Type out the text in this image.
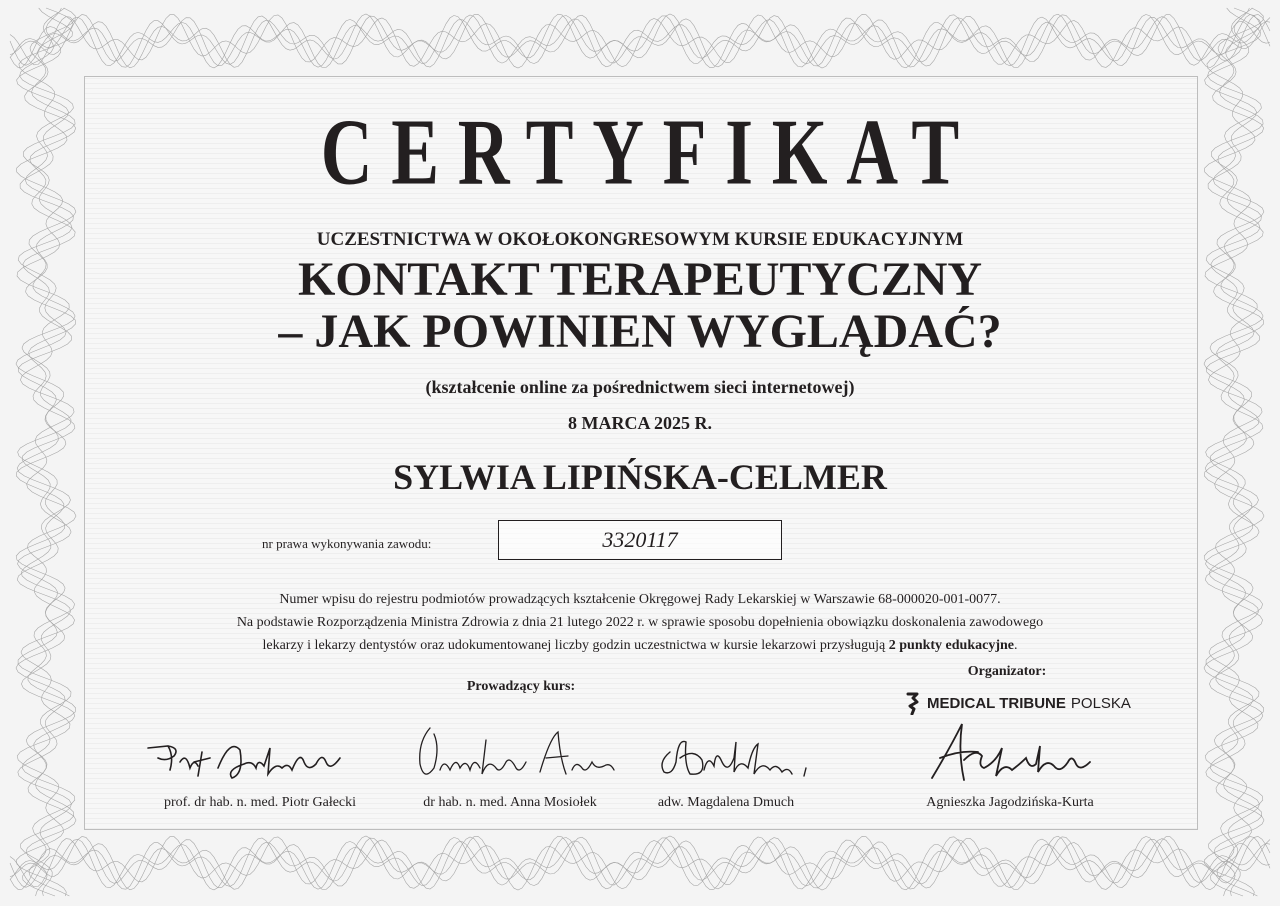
CERTYFIKAT
UCZESTNICTWA W OKOŁOKONGRESOWYM KURSIE EDUKACYJNYM
KONTAKT TERAPEUTYCZNY
– JAK POWINIEN WYGLĄDAĆ?
(kształcenie online za pośrednictwem sieci internetowej)
8 MARCA 2025 R.
SYLWIA LIPIŃSKA-CELMER
nr prawa wykonywania zawodu:	3320117
Numer wpisu do rejestru podmiotów prowadzących kształcenie Okręgowej Rady Lekarskiej w Warszawie 68-000020-001-0077.
Na podstawie Rozporządzenia Ministra Zdrowia z dnia 21 lutego 2022 r. w sprawie sposobu dopełnienia obowiązku doskonalenia zawodowego
lekarzy i lekarzy dentystów oraz udokumentowanej liczby godzin uczestnictwa w kursie lekarzowi przysługują 2 punkty edukacyjne.
Organizator:
MEDICAL TRIBUNE POLSKA
Prowadzący kurs:
prof. dr hab. n. med. Piotr Gałecki	dr hab. n. med. Anna Mosiołek	adw. Magdalena Dmuch	Agnieszka Jagodzińska-Kurta
